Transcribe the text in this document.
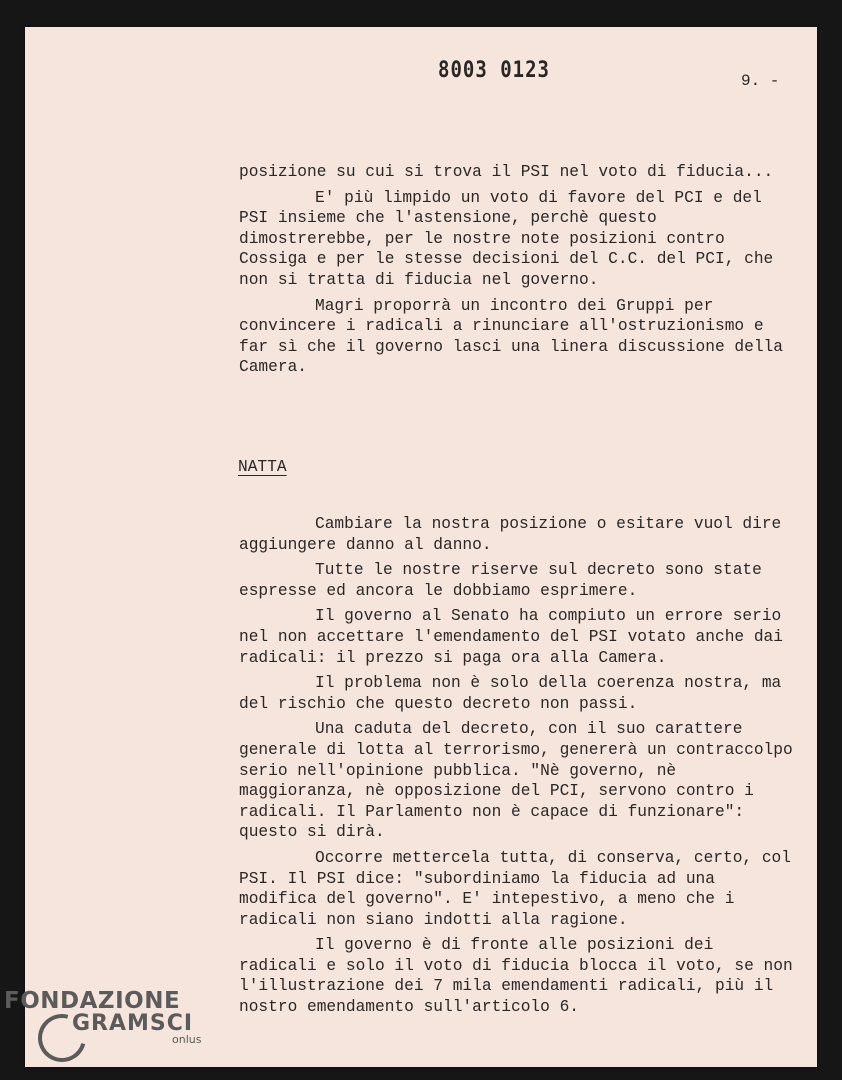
8003 0123	9. -

posizione su cui si trova il PSI nel voto di fiducia...

E' più limpido un voto di favore del PCI e del PSI insieme che l'astensione, perchè questo dimostrerebbe, per le nostre note posizioni contro Cossiga e per le stesse decisioni del C.C. del PCI, che non si tratta di fiducia nel governo.

Magri proporrà un incontro dei Gruppi per convincere i radicali a rinunciare all'ostruzionismo e far sì che il governo lasci una linera discussione della Camera.

NATTA

Cambiare la nostra posizione o esitare vuol dire aggiungere danno al danno.

Tutte le nostre riserve sul decreto sono state espresse ed ancora le dobbiamo esprimere.

Il governo al Senato ha compiuto un errore serio nel non accettare l'emendamento del PSI votato anche dai radicali: il prezzo si paga ora alla Camera.

Il problema non è solo della coerenza nostra, ma del rischio che questo decreto non passi.

Una caduta del decreto, con il suo carattere generale di lotta al terrorismo, genererà un contraccolpo serio nell'opinione pubblica. "Nè governo, nè maggioranza, nè opposizione del PCI, servono contro i radicali. Il Parlamento non è capace di funzionare": questo si dirà.

Occorre mettercela tutta, di conserva, certo, col PSI. Il PSI dice: "subordiniamo la fiducia ad una modifica del governo". E' intepestivo, a meno che i radicali non siano indotti alla ragione.

Il governo è di fronte alle posizioni dei radicali e solo il voto di fiducia blocca il voto, se non l'illustrazione dei 7 mila emendamenti radicali, più il nostro emendamento sull'articolo 6.

FONDAZIONE
GRAMSCI
onlus
